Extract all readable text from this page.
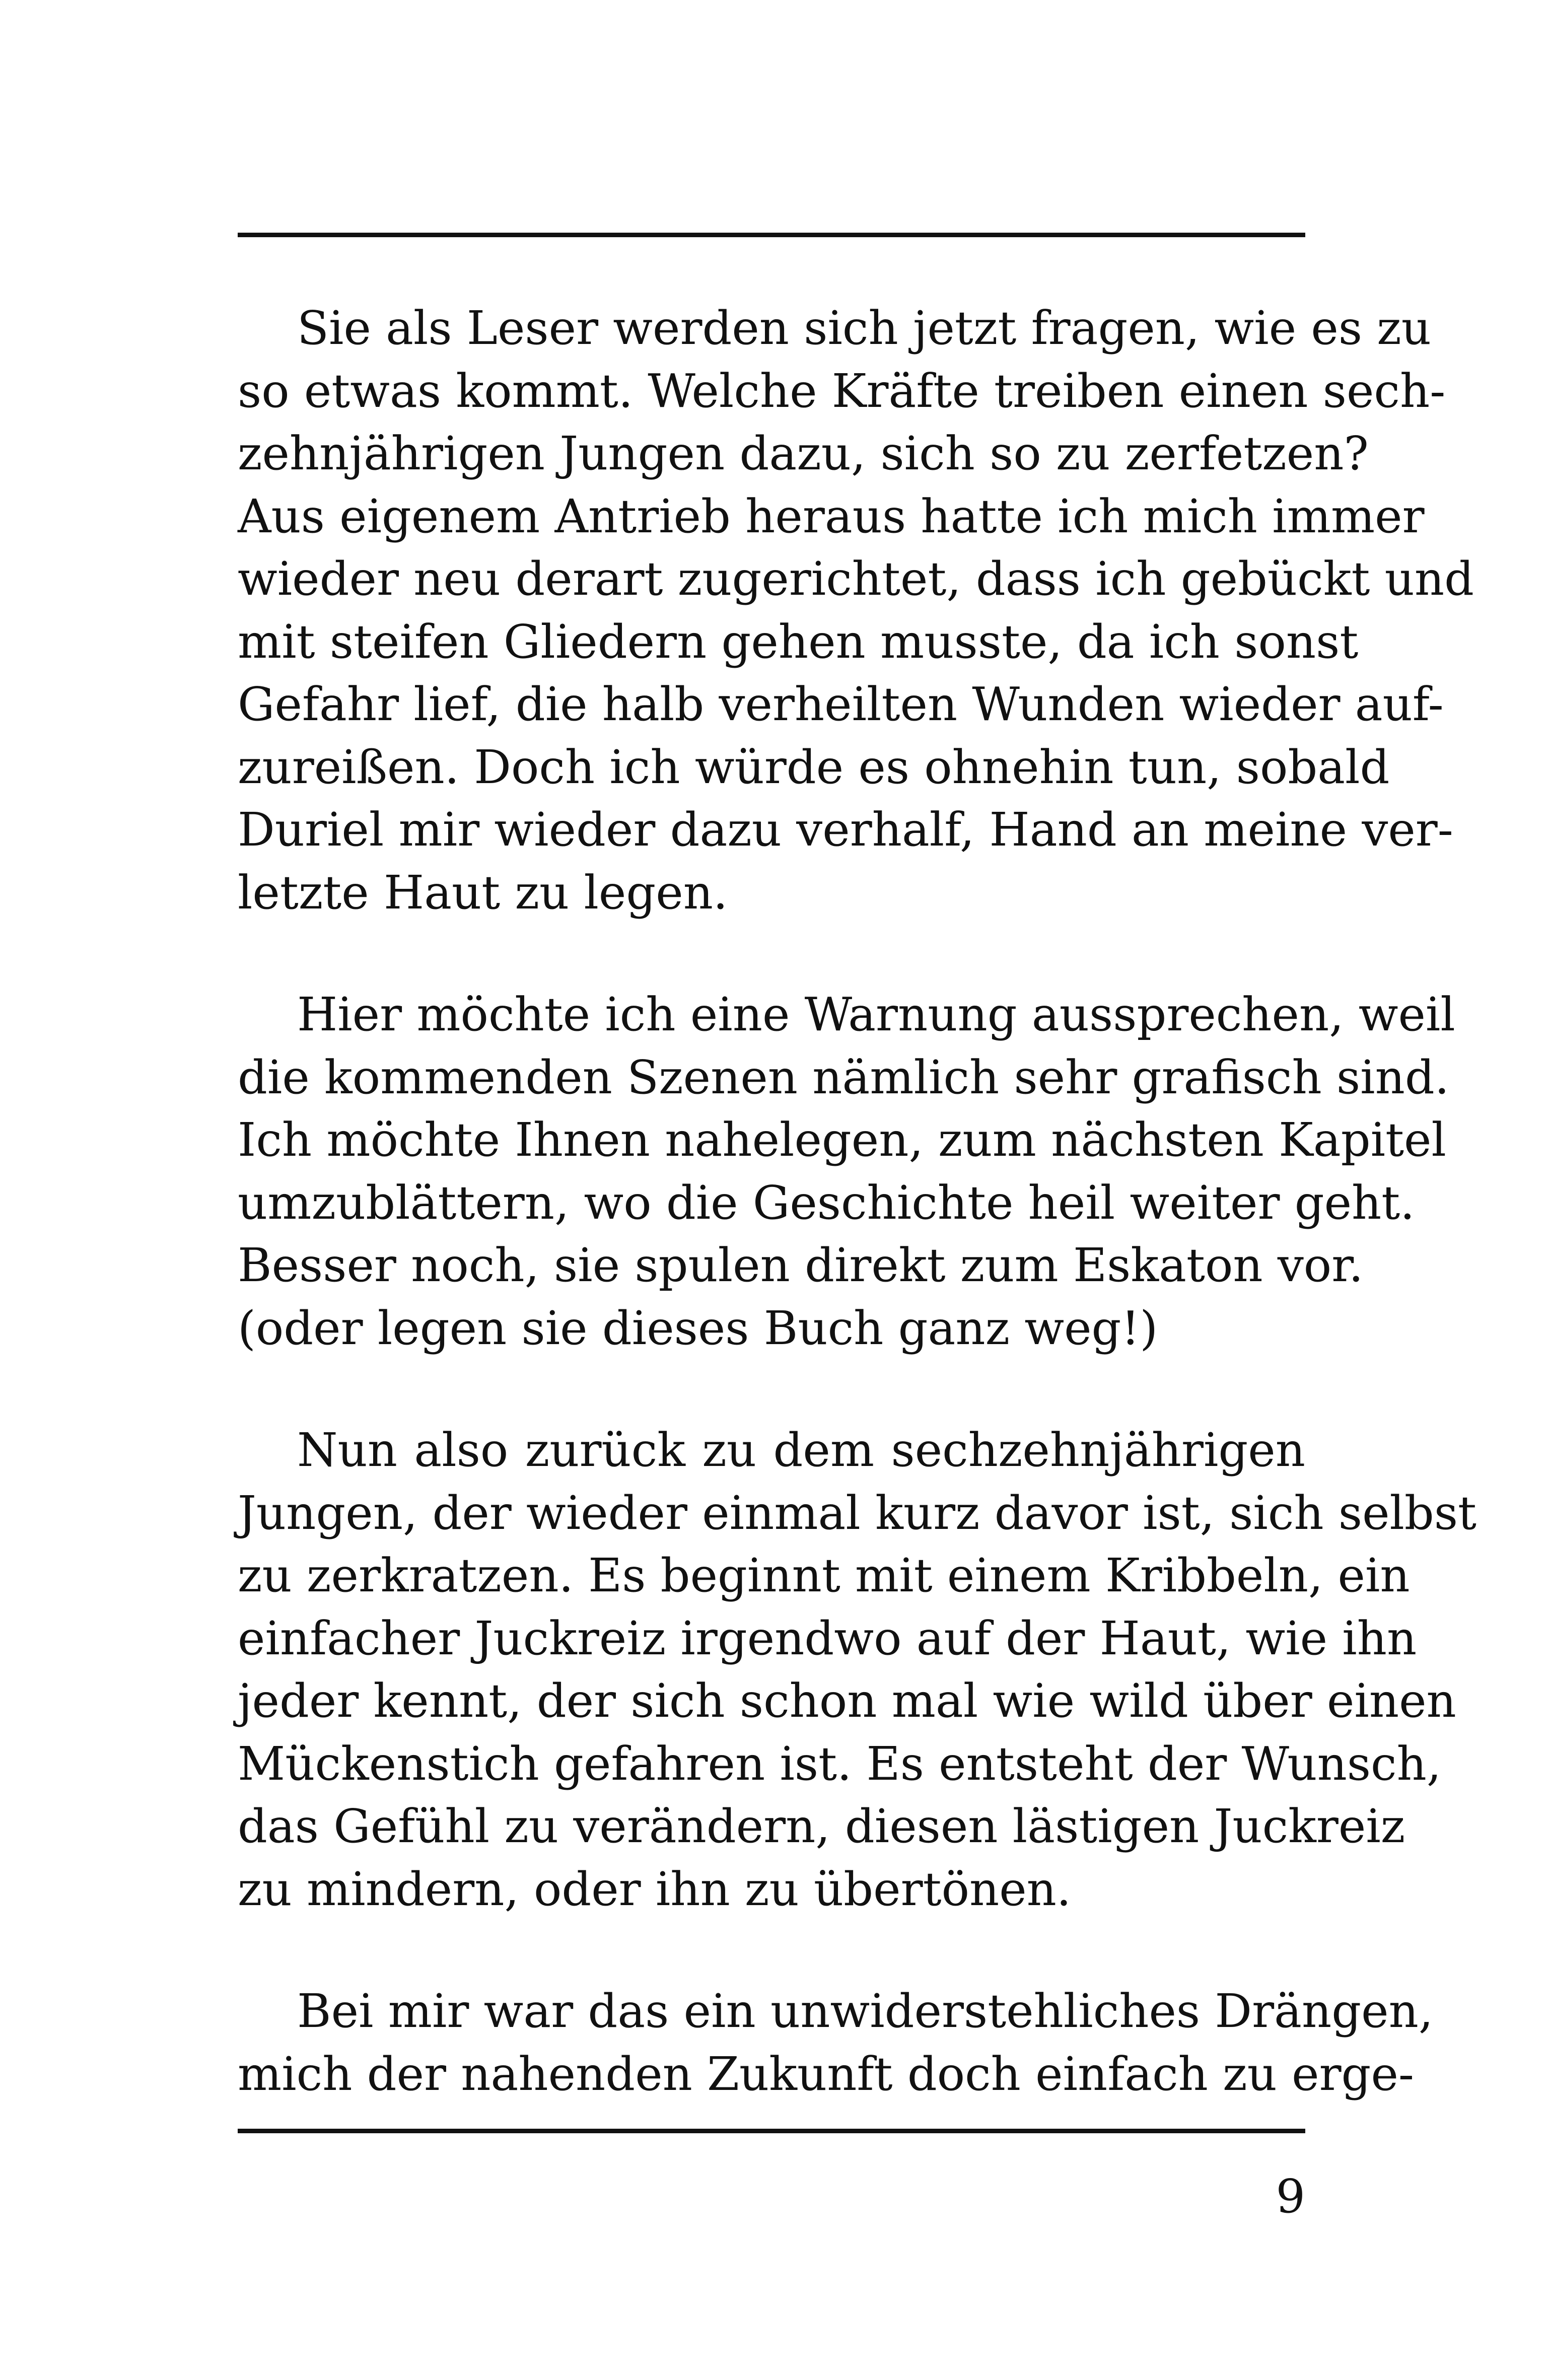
Sie als Leser werden sich jetzt fragen, wie es zu
so etwas kommt. Welche Kräfte treiben einen sech-
zehnjährigen Jungen dazu, sich so zu zerfetzen?
Aus eigenem Antrieb heraus hatte ich mich immer
wieder neu derart zugerichtet, dass ich gebückt und
mit steifen Gliedern gehen musste, da ich sonst
Gefahr lief, die halb verheilten Wunden wieder auf-
zureißen. Doch ich würde es ohnehin tun, sobald
Duriel mir wieder dazu verhalf, Hand an meine ver-
letzte Haut zu legen.

Hier möchte ich eine Warnung aussprechen, weil
die kommenden Szenen nämlich sehr grafisch sind.
Ich möchte Ihnen nahelegen, zum nächsten Kapitel
umzublättern, wo die Geschichte heil weiter geht.
Besser noch, sie spulen direkt zum Eskaton vor.
(oder legen sie dieses Buch ganz weg!)

Nun also zurück zu dem sechzehnjährigen
Jungen, der wieder einmal kurz davor ist, sich selbst
zu zerkratzen. Es beginnt mit einem Kribbeln, ein
einfacher Juckreiz irgendwo auf der Haut, wie ihn
jeder kennt, der sich schon mal wie wild über einen
Mückenstich gefahren ist. Es entsteht der Wunsch,
das Gefühl zu verändern, diesen lästigen Juckreiz
zu mindern, oder ihn zu übertönen.

Bei mir war das ein unwiderstehliches Drängen,
mich der nahenden Zukunft doch einfach zu erge-

9
